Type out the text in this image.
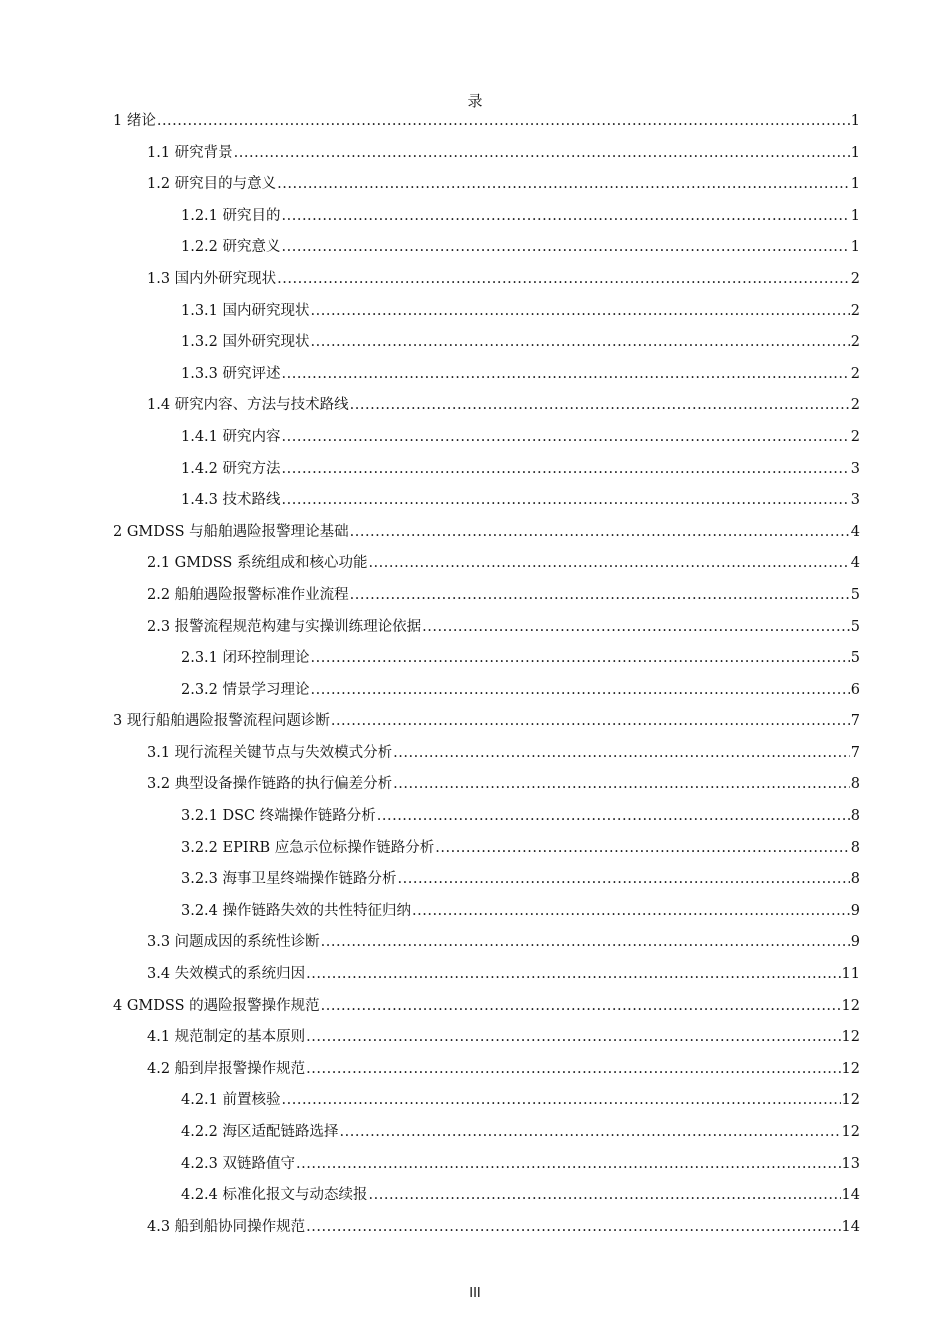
录
1 绪论 .....	1
1.1 研究背景 .....	1
1.2 研究目的与意义 .....	1
1.2.1 研究目的 .....	1
1.2.2 研究意义 .....	1
1.3 国内外研究现状 .....	2
1.3.1 国内研究现状 .....	2
1.3.2 国外研究现状 .....	2
1.3.3 研究评述 .....	2
1.4 研究内容、方法与技术路线 .....	2
1.4.1 研究内容 .....	2
1.4.2 研究方法 .....	3
1.4.3 技术路线 .....	3
2 GMDSS 与船舶遇险报警理论基础 .....	4
2.1 GMDSS 系统组成和核心功能 .....	4
2.2 船舶遇险报警标准作业流程 .....	5
2.3 报警流程规范构建与实操训练理论依据 .....	5
2.3.1 闭环控制理论 .....	5
2.3.2 情景学习理论 .....	6
3 现行船舶遇险报警流程问题诊断 .....	7
3.1 现行流程关键节点与失效模式分析 .....	7
3.2 典型设备操作链路的执行偏差分析 .....	8
3.2.1 DSC 终端操作链路分析 .....	8
3.2.2 EPIRB 应急示位标操作链路分析 .....	8
3.2.3 海事卫星终端操作链路分析 .....	8
3.2.4 操作链路失效的共性特征归纳 .....	9
3.3 问题成因的系统性诊断 .....	9
3.4 失效模式的系统归因 .....	11
4 GMDSS 的遇险报警操作规范 .....	12
4.1 规范制定的基本原则 .....	12
4.2 船到岸报警操作规范 .....	12
4.2.1 前置核验 .....	12
4.2.2 海区适配链路选择 .....	12
4.2.3 双链路值守 .....	13
4.2.4 标准化报文与动态续报 .....	14
4.3 船到船协同操作规范 .....	14
III
